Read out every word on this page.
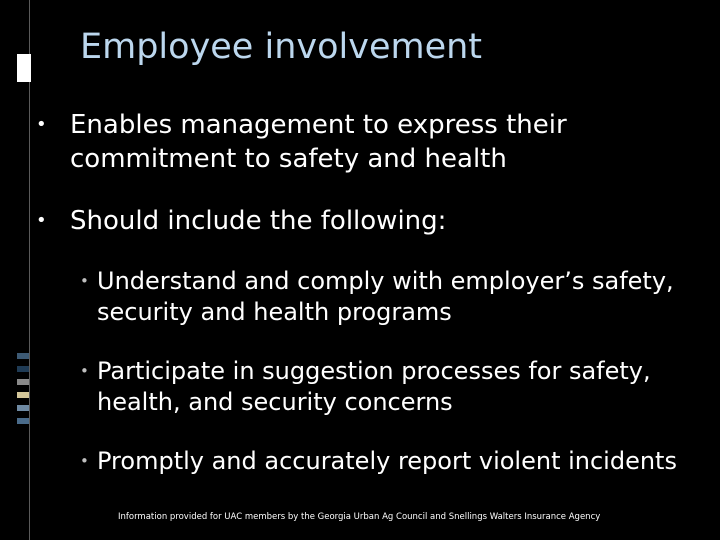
Employee involvement
• Enables management to express their commitment to safety and health
• Should include the following:
• Understand and comply with employer’s safety, security and health programs
• Participate in suggestion processes for safety, health, and security concerns
• Promptly and accurately report violent incidents
Information provided for UAC members by the Georgia Urban Ag Council and Snellings Walters Insurance Agency
